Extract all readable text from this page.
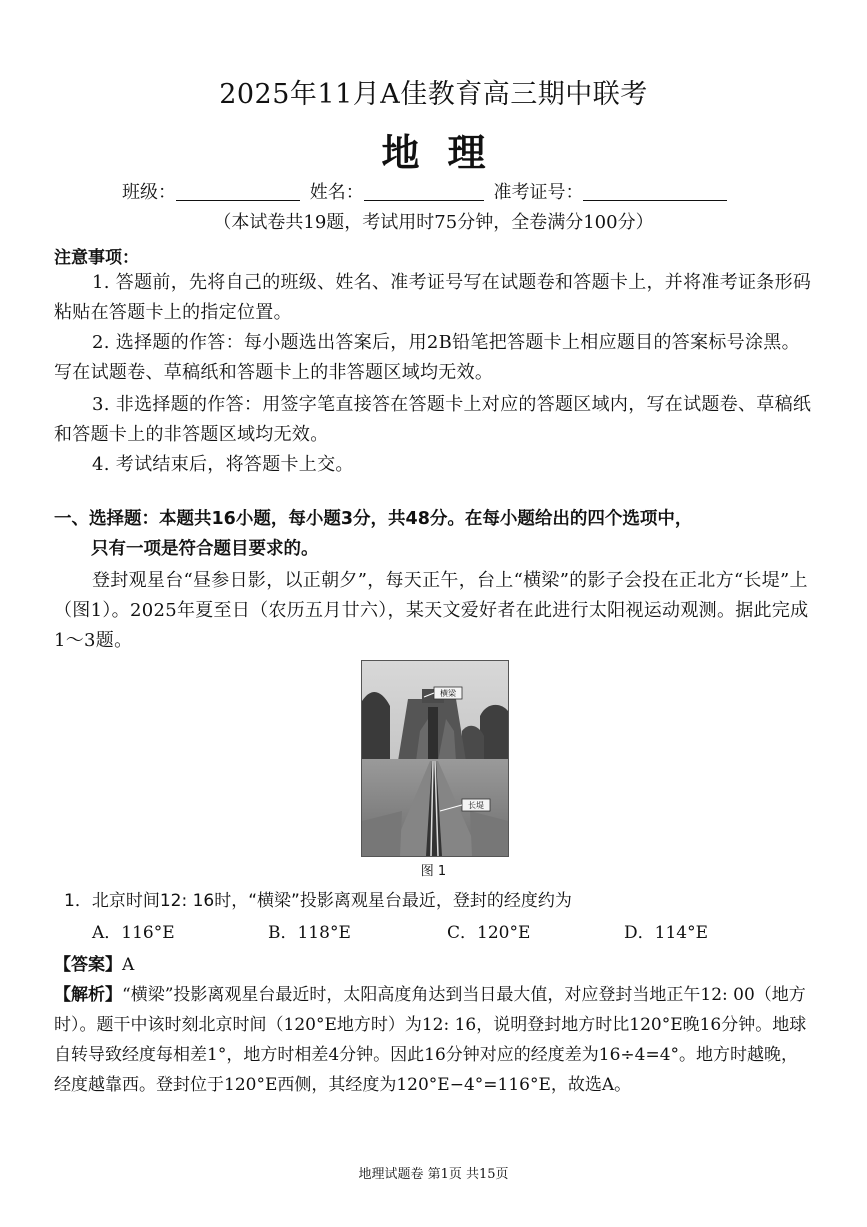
2025年11月A佳教育高三期中联考
地理
班级：	姓名：	准考证号：
（本试卷共19题，考试用时75分钟，全卷满分100分）
注意事项：
1. 答题前，先将自己的班级、姓名、准考证号写在试题卷和答题卡上，并将准考证条形码粘贴在答题卡上的指定位置。
2. 选择题的作答：每小题选出答案后，用2B铅笔把答题卡上相应题目的答案标号涂黑。写在试题卷、草稿纸和答题卡上的非答题区域均无效。
3. 非选择题的作答：用签字笔直接答在答题卡上对应的答题区域内，写在试题卷、草稿纸和答题卡上的非答题区域均无效。
4. 考试结束后，将答题卡上交。
一、选择题：本题共16小题，每小题3分，共48分。在每小题给出的四个选项中，
只有一项是符合题目要求的。
登封观星台“昼参日影，以正朝夕”，每天正午，台上“横梁”的影子会投在正北方“长堤”上（图1）。2025年夏至日（农历五月廿六），某天文爱好者在此进行太阳视运动观测。据此完成1～3题。
横梁
长堤
图 1
1．北京时间12: 16时，“横梁”投影离观星台最近，登封的经度约为
A．116°E	B．118°E	C．120°E	D．114°E
【答案】A
【解析】“横梁”投影离观星台最近时，太阳高度角达到当日最大值，对应登封当地正午12: 00（地方时）。题干中该时刻北京时间（120°E地方时）为12: 16，说明登封地方时比120°E晚16分钟。地球自转导致经度每相差1°，地方时相差4分钟。因此16分钟对应的经度差为16÷4=4°。地方时越晚，经度越靠西。登封位于120°E西侧，其经度为120°E−4°=116°E，故选A。
地理试题卷 第1页 共15页
